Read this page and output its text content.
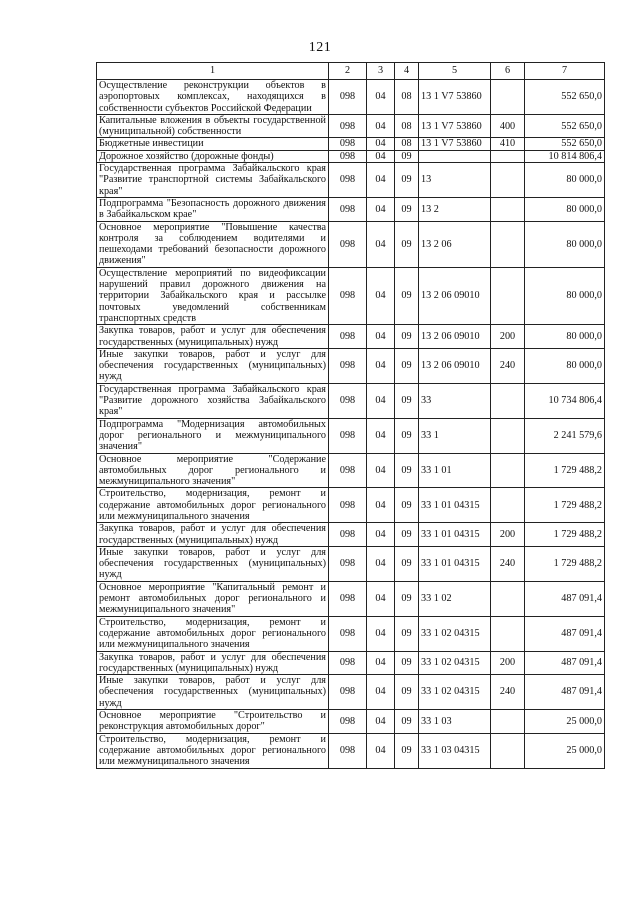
121
1	2	3	4	5	6	7
Осуществление реконструкции объектов в аэропортовых комплексах, находящихся в собственности субъектов Российской Федерации	098	04	08	13 1 V7 53860		552 650,0
Капитальные вложения в объекты государственной (муниципальной) собственности	098	04	08	13 1 V7 53860	400	552 650,0
Бюджетные инвестиции	098	04	08	13 1 V7 53860	410	552 650,0
Дорожное хозяйство (дорожные фонды)	098	04	09			10 814 806,4
Государственная программа Забайкальского края "Развитие транспортной системы Забайкальского края"	098	04	09	13		80 000,0
Подпрограмма "Безопасность дорожного движения в Забайкальском крае"	098	04	09	13 2		80 000,0
Основное мероприятие "Повышение качества контроля за соблюдением водителями и пешеходами требований безопасности дорожного движения"	098	04	09	13 2 06		80 000,0
Осуществление мероприятий по видеофиксации нарушений правил дорожного движения на территории Забайкальского края и рассылке почтовых уведомлений собственникам транспортных средств	098	04	09	13 2 06 09010		80 000,0
Закупка товаров, работ и услуг для обеспечения государственных (муниципальных) нужд	098	04	09	13 2 06 09010	200	80 000,0
Иные закупки товаров, работ и услуг для обеспечения государственных (муниципальных) нужд	098	04	09	13 2 06 09010	240	80 000,0
Государственная программа Забайкальского края "Развитие дорожного хозяйства Забайкальского края"	098	04	09	33		10 734 806,4
Подпрограмма "Модернизация автомобильных дорог регионального и межмуниципального значения"	098	04	09	33 1		2 241 579,6
Основное мероприятие "Содержание автомобильных дорог регионального и межмуниципального значения"	098	04	09	33 1 01		1 729 488,2
Строительство, модернизация, ремонт и содержание автомобильных дорог регионального или межмуниципального значения	098	04	09	33 1 01 04315		1 729 488,2
Закупка товаров, работ и услуг для обеспечения государственных (муниципальных) нужд	098	04	09	33 1 01 04315	200	1 729 488,2
Иные закупки товаров, работ и услуг для обеспечения государственных (муниципальных) нужд	098	04	09	33 1 01 04315	240	1 729 488,2
Основное мероприятие "Капитальный ремонт и ремонт автомобильных дорог регионального и межмуниципального значения"	098	04	09	33 1 02		487 091,4
Строительство, модернизация, ремонт и содержание автомобильных дорог регионального или межмуниципального значения	098	04	09	33 1 02 04315		487 091,4
Закупка товаров, работ и услуг для обеспечения государственных (муниципальных) нужд	098	04	09	33 1 02 04315	200	487 091,4
Иные закупки товаров, работ и услуг для обеспечения государственных (муниципальных) нужд	098	04	09	33 1 02 04315	240	487 091,4
Основное мероприятие "Строительство и реконструкция автомобильных дорог"	098	04	09	33 1 03		25 000,0
Строительство, модернизация, ремонт и содержание автомобильных дорог регионального или межмуниципального значения	098	04	09	33 1 03 04315		25 000,0
